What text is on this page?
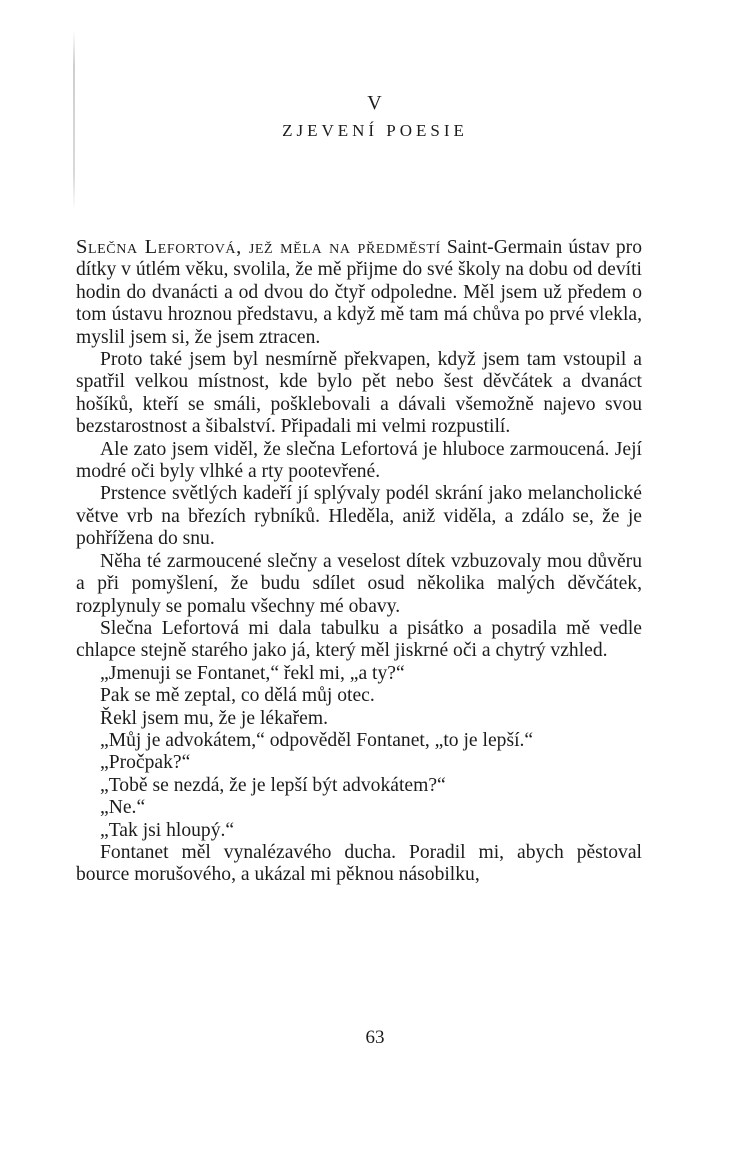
V
ZJEVENÍ POESIE

Slečna Lefortová, jež měla na předměstí Saint-Germain ústav pro dítky v útlém věku, svolila, že mě přijme do své školy na dobu od devíti hodin do dvanácti a od dvou do čtyř odpoledne. Měl jsem už předem o tom ústavu hroznou představu, a když mě tam má chůva po prvé vlekla, myslil jsem si, že jsem ztracen.

Proto také jsem byl nesmírně překvapen, když jsem tam vstoupil a spatřil velkou místnost, kde bylo pět nebo šest děvčátek a dvanáct hošíků, kteří se smáli, pošklebovali a dávali všemožně najevo svou bezstarostnost a šibalství. Připadali mi velmi rozpustilí.

Ale zato jsem viděl, že slečna Lefortová je hluboce zarmoucená. Její modré oči byly vlhké a rty pootevřené.

Prstence světlých kadeří jí splývaly podél skrání jako melancholické větve vrb na březích rybníků. Hleděla, aniž viděla, a zdálo se, že je pohřížena do snu.

Něha té zarmoucené slečny a veselost dítek vzbuzovaly mou důvěru a při pomyšlení, že budu sdílet osud několika malých děvčátek, rozplynuly se pomalu všechny mé obavy.

Slečna Lefortová mi dala tabulku a pisátko a posadila mě vedle chlapce stejně starého jako já, který měl jiskrné oči a chytrý vzhled.

„Jmenuji se Fontanet,“ řekl mi, „a ty?“

Pak se mě zeptal, co dělá můj otec.

Řekl jsem mu, že je lékařem.

„Můj je advokátem,“ odpověděl Fontanet, „to je lepší.“

„Pročpak?“

„Tobě se nezdá, že je lepší být advokátem?“

„Ne.“

„Tak jsi hloupý.“

Fontanet měl vynalézavého ducha. Poradil mi, abych pěstoval bource morušového, a ukázal mi pěknou násobilku,

63
